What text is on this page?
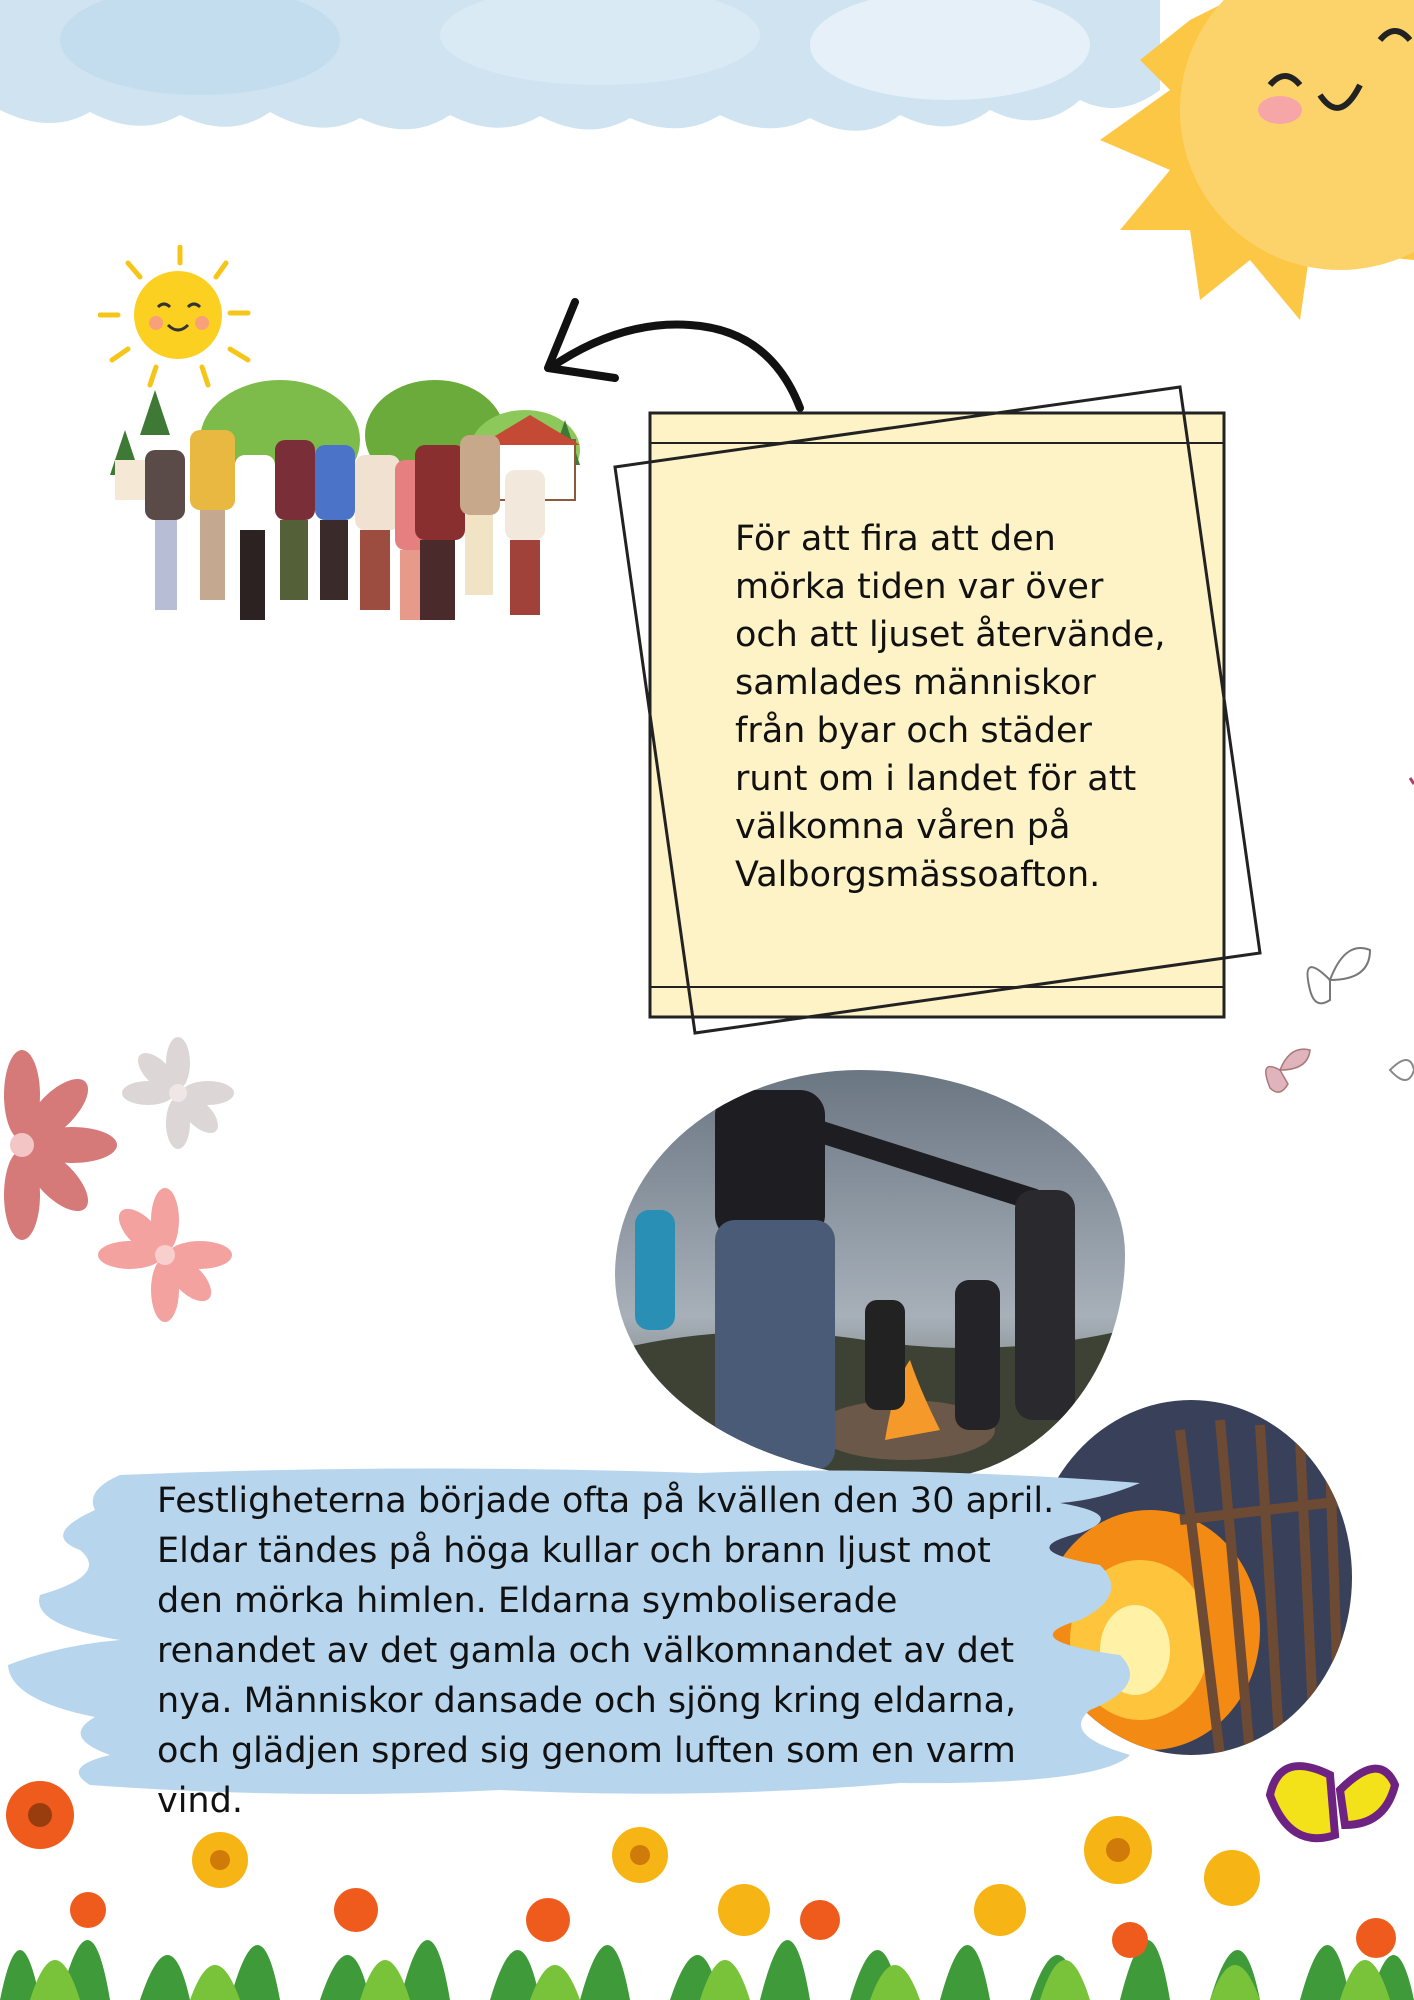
För att fira att den mörka tiden var över och att ljuset återvände, samlades människor från byar och städer runt om i landet för att välkomna våren på Valborgsmässoafton.
Festligheterna började ofta på kvällen den 30 april. Eldar tändes på höga kullar och brann ljust mot den mörka himlen. Eldarna symboliserade renandet av det gamla och välkomnandet av det nya. Människor dansade och sjöng kring eldarna, och glädjen spred sig genom luften som en varm vind.
